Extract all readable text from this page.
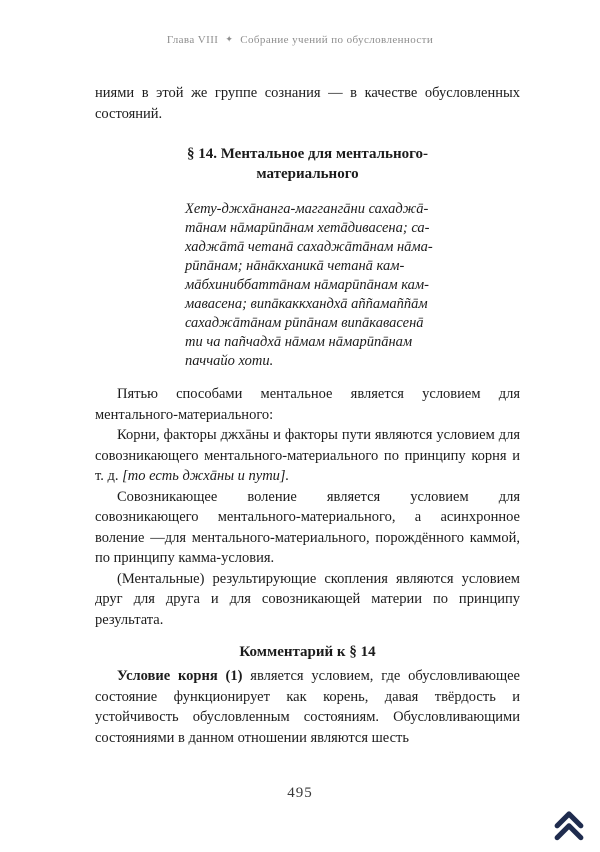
Глава VIII ✦ Собрание учений по обусловленности

ниями в этой же группе сознания — в качестве обусловленных состояний.

§ 14. Ментальное для ментального-
материального
Хету-джхāнанга-маггангāни сахаджā-
тāнам нāмарūпāнам хетāдивасена; са-
хаджāтā четанā сахаджāтāнам нāма-
рūпāнам; нāнāкханикā четанā кам-
мāбхиниббаттāнам нāмарūпāнам кам-
мавасена; випāкаккхандхā аññамаññāм
сахаджāтāнам рūпāнам випāкавасенā
ти ча паñчадхā нāмам нāмарūпāнам
паччайо хоти.

Пятью способами ментальное является условием для ментального-материального:

Корни, факторы джхāны и факторы пути являются условием для совозникающего ментального-материального по принципу корня и т. д. [то есть джхāны и пути].

Совозникающее воление является условием для совозникающего ментального-материального, а асинхронное воление —для ментального-материального, порождённого каммой, по принципу камма-условия.

(Ментальные) результирующие скопления являются условием друг для друга и для совозникающей материи по принципу результата.

Комментарий к § 14

Условие корня (1) является условием, где обусловливающее состояние функционирует как корень, давая твёрдость и устойчивость обусловленным состояниям. Обусловливающими состояниями в данном отношении являются шесть

495
